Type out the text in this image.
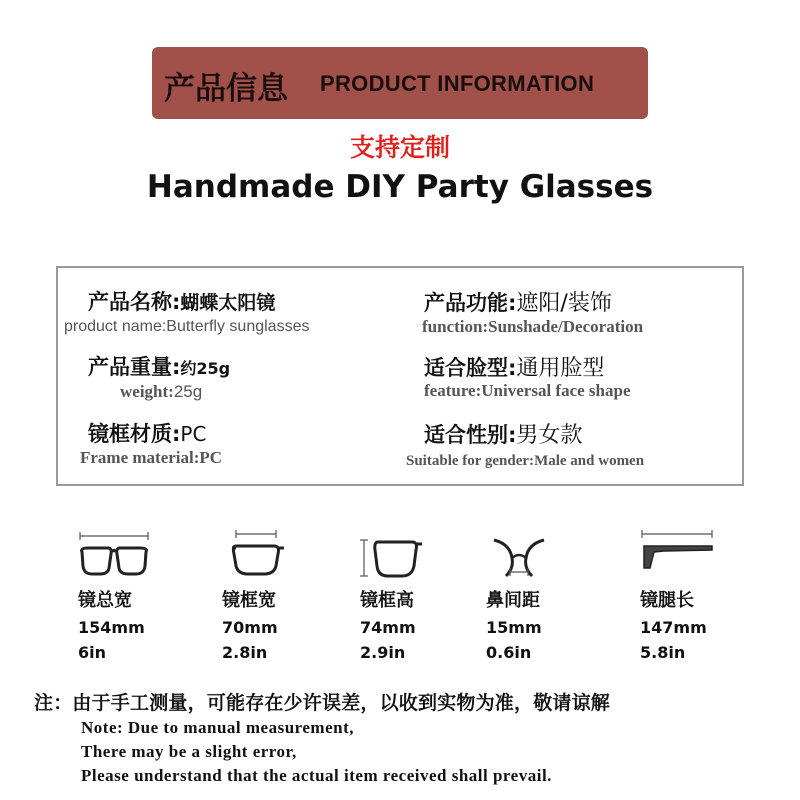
产品信息 PRODUCT INFORMATION
支持定制
Handmade DIY Party Glasses
产品名称:蝴蝶太阳镜
product name:Butterfly sunglasses
产品功能:遮阳/装饰
function:Sunshade/Decoration
产品重量:约25g
weight:25g
适合脸型:通用脸型
feature:Universal face shape
镜框材质:PC
Frame material:PC
适合性别:男女款
Suitable for gender:Male and women
镜总宽
154mm
6in
镜框宽
70mm
2.8in
镜框高
74mm
2.9in
鼻间距
15mm
0.6in
镜腿长
147mm
5.8in
注：由于手工测量，可能存在少许误差，以收到实物为准，敬请谅解
Note: Due to manual measurement,
There may be a slight error,
Please understand that the actual item received shall prevail.
